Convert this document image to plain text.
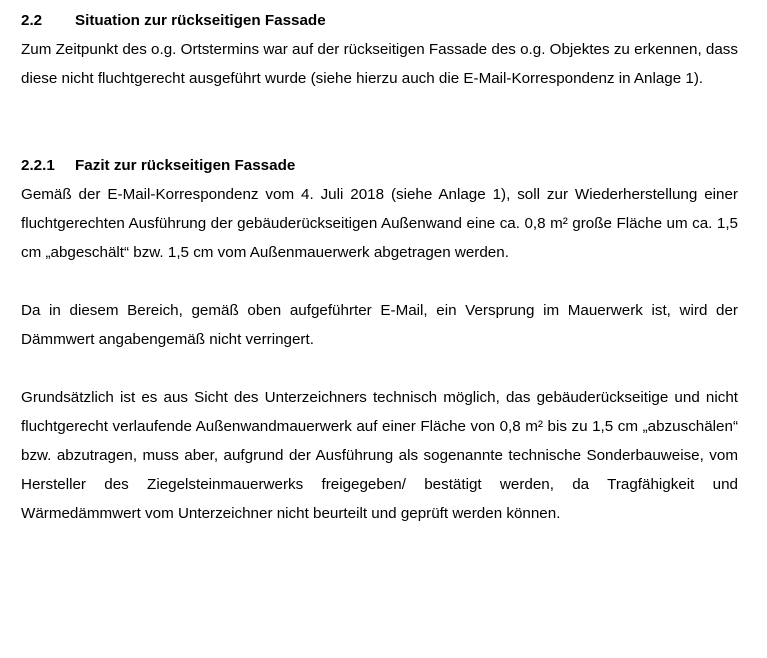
2.2 Situation zur rückseitigen Fassade

Zum Zeitpunkt des o.g. Ortstermins war auf der rückseitigen Fassade des o.g. Objektes zu erkennen, dass diese nicht fluchtgerecht ausgeführt wurde (siehe hierzu auch die E-Mail-Korrespondenz in Anlage 1).

2.2.1 Fazit zur rückseitigen Fassade

Gemäß der E-Mail-Korrespondenz vom 4. Juli 2018 (siehe Anlage 1), soll zur Wiederherstellung einer fluchtgerechten Ausführung der gebäuderückseitigen Außenwand eine ca. 0,8 m² große Fläche um ca. 1,5 cm „abgeschält“ bzw. 1,5 cm vom Außenmauerwerk abgetragen werden.

Da in diesem Bereich, gemäß oben aufgeführter E-Mail, ein Versprung im Mauerwerk ist, wird der Dämmwert angabengemäß nicht verringert.

Grundsätzlich ist es aus Sicht des Unterzeichners technisch möglich, das gebäuderückseitige und nicht fluchtgerecht verlaufende Außenwandmauerwerk auf einer Fläche von 0,8 m² bis zu 1,5 cm „abzuschälen“ bzw. abzutragen, muss aber, aufgrund der Ausführung als sogenannte technische Sonderbauweise, vom Hersteller des Ziegelsteinmauerwerks freigegeben/ bestätigt werden, da Tragfähigkeit und Wärmedämmwert vom Unterzeichner nicht beurteilt und geprüft werden können.
